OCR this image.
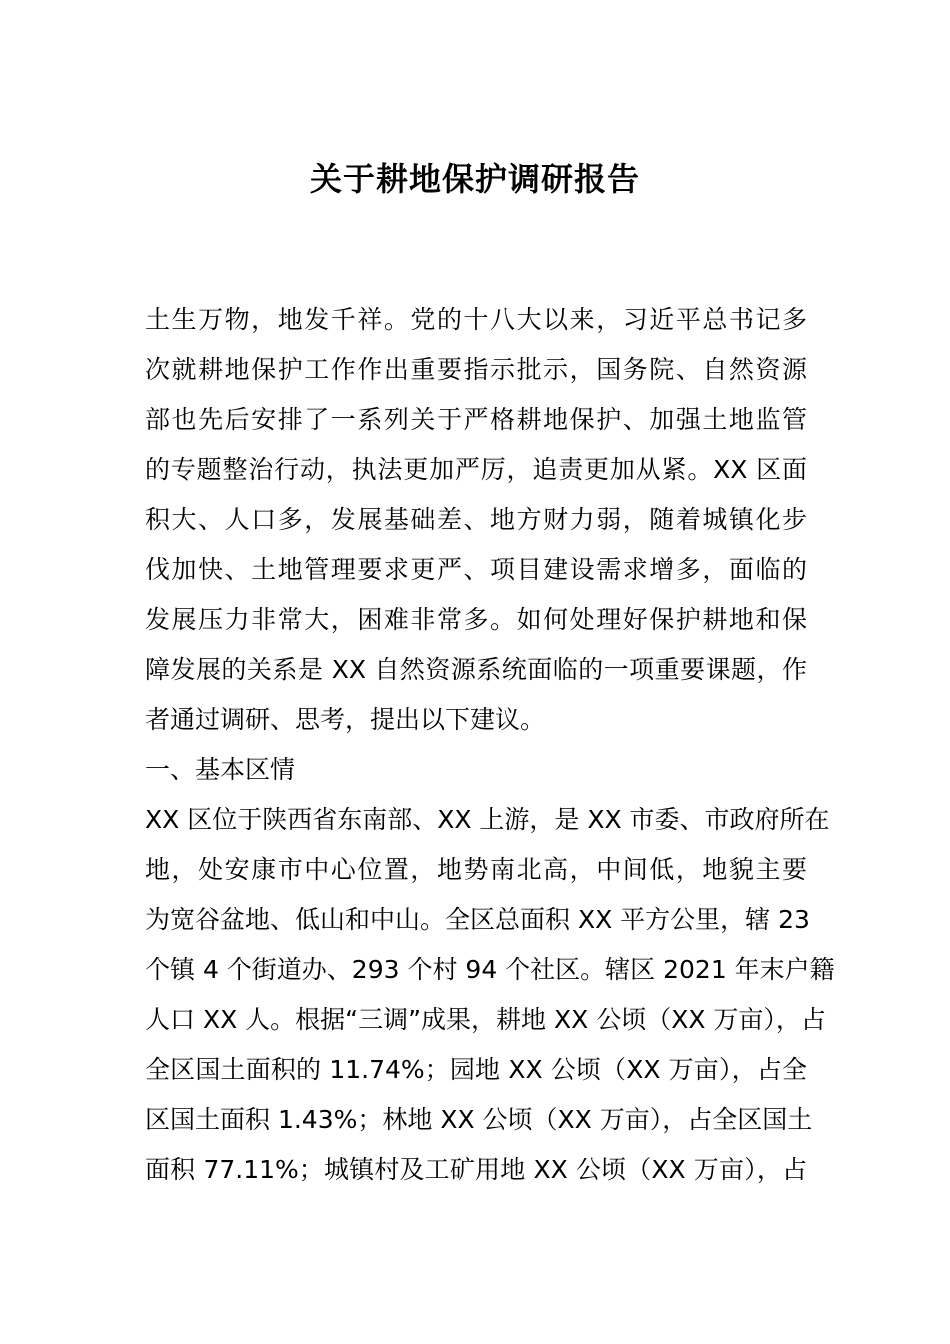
关于耕地保护调研报告
土生万物，地发千祥。党的十八大以来，习近平总书记多
次就耕地保护工作作出重要指示批示，国务院、自然资源
部也先后安排了一系列关于严格耕地保护、加强土地监管
的专题整治行动，执法更加严厉，追责更加从紧。XX 区面
积大、人口多，发展基础差、地方财力弱，随着城镇化步
伐加快、土地管理要求更严、项目建设需求增多，面临的
发展压力非常大，困难非常多。如何处理好保护耕地和保
障发展的关系是 XX 自然资源系统面临的一项重要课题，作
者通过调研、思考，提出以下建议。
一、基本区情
XX 区位于陕西省东南部、XX 上游，是 XX 市委、市政府所在
地，处安康市中心位置，地势南北高，中间低，地貌主要
为宽谷盆地、低山和中山。全区总面积 XX 平方公里，辖 23
个镇 4 个街道办、293 个村 94 个社区。辖区 2021 年末户籍
人口 XX 人。根据“三调”成果，耕地 XX 公顷（XX 万亩），占
全区国土面积的 11.74%；园地 XX 公顷（XX 万亩），占全
区国土面积 1.43%；林地 XX 公顷（XX 万亩），占全区国土
面积 77.11%；城镇村及工矿用地 XX 公顷（XX 万亩），占
